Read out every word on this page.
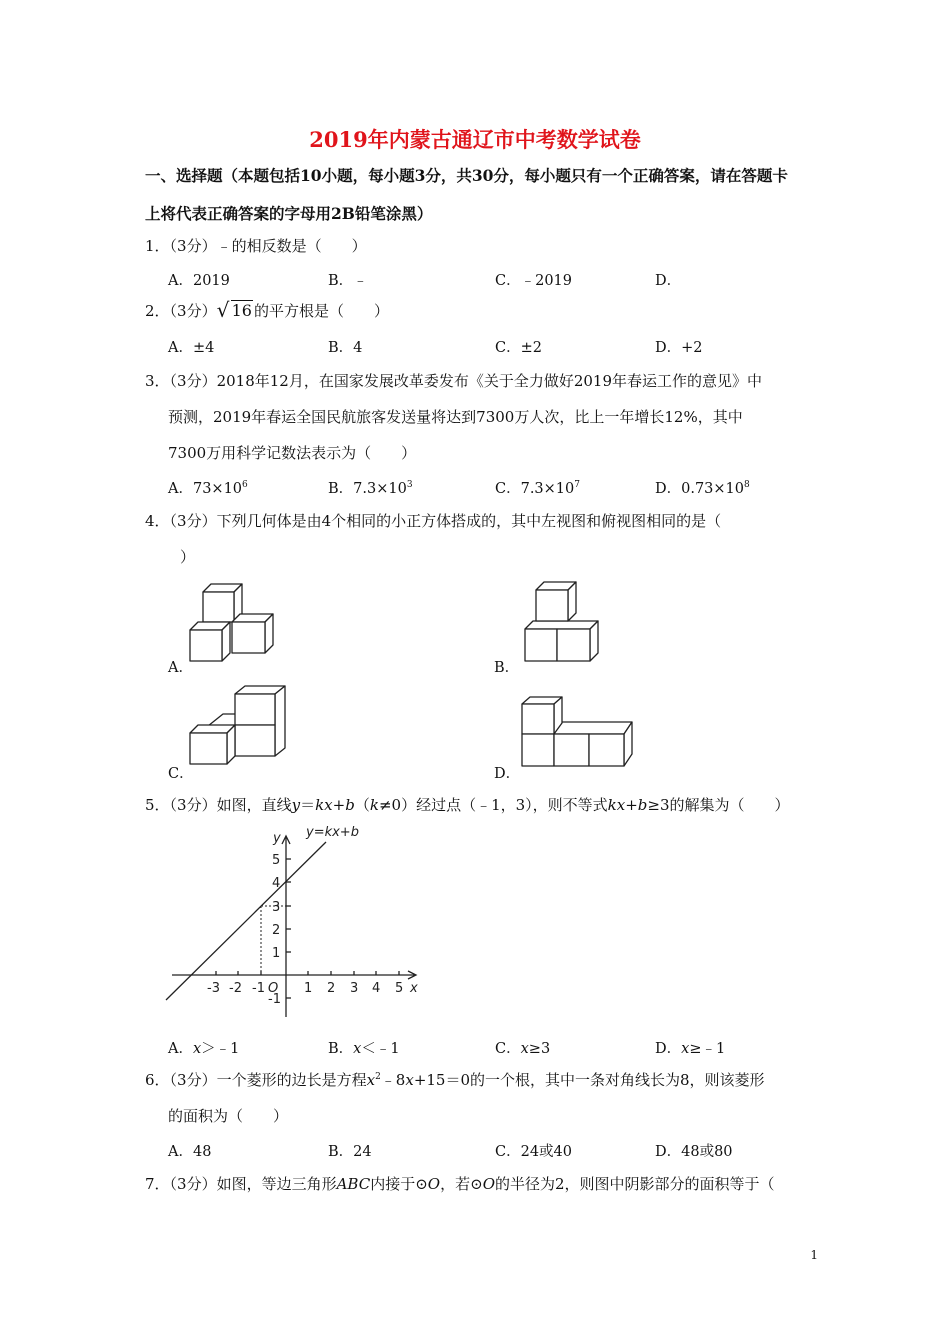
2019年内蒙古通辽市中考数学试卷
一、选择题（本题包括10小题，每小题3分，共30分，每小题只有一个正确答案，请在答题卡
上将代表正确答案的字母用2B铅笔涂黑）
1．（3分）﹣的相反数是（　　）
A．2019	B．﹣	C．﹣2019	D．
2．（3分） √ 16 的平方根是（　　）
A．±4	B．4	C．±2	D．+2
3．（3分）2018年12月，在国家发展改革委发布《关于全力做好2019年春运工作的意见》中
预测，2019年春运全国民航旅客发送量将达到7300万人次，比上一年增长12%，其中
7300万用科学记数法表示为（　　）
A．$73\times 10^6$	B．$7.3\times 10^3$	C．$7.3\times 10^7$	D．$0.73\times 10^8$
4．（3分）下列几何体是由4个相同的小正方体搭成的，其中左视图和俯视图相同的是（
）
A．	B．
C．	D．
5．（3分）如图，直线y＝kx+b（k≠0）经过点（﹣1，3），则不等式kx+b≥3的解集为（　　）
y=kx+b
y
x
O
-3 -2 -1	1 2 3 4 5
5
4
3
2
1
-1
A．x＞﹣1	B．x＜﹣1	C．x≥3	D．x≥﹣1
6．（3分）一个菱形的边长是方程$x^2﹣8x+15=0$的一个根，其中一条对角线长为8，则该菱形
的面积为（　　）
A．48	B．24	C．24或40	D．48或80
7．（3分）如图，等边三角形ABC内接于⊙O，若⊙O的半径为2，则图中阴影部分的面积等于（
1
